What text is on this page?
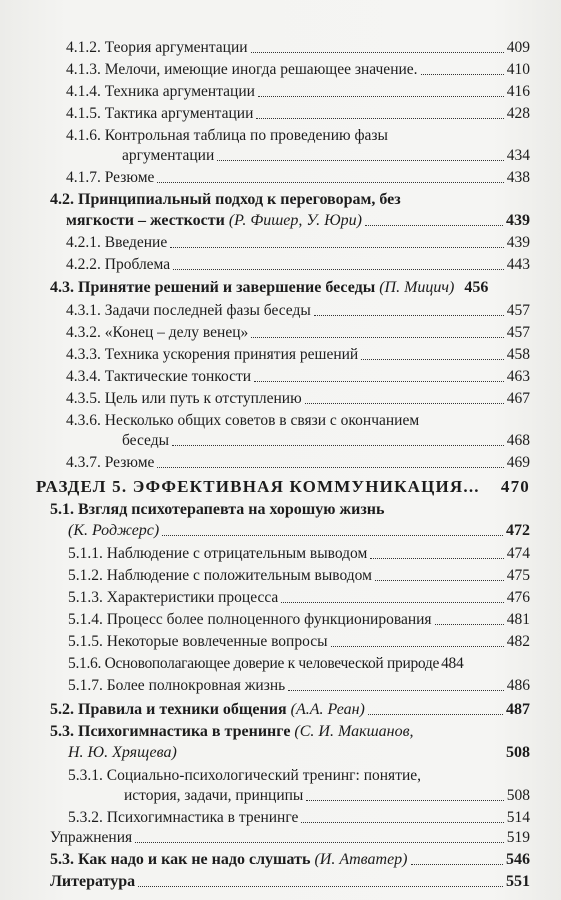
4.1.2. Теория аргументации	409
4.1.3. Мелочи, имеющие иногда решающее значение.	410
4.1.4. Техника аргументации	416
4.1.5. Тактика аргументации	428
4.1.6. Контрольная таблица по проведению фазы
аргументации	434
4.1.7. Резюме	438
4.2. Принципиальный подход к переговорам, без
мягкости – жесткости
(Р. Фишер, У. Юри)	439
4.2.1. Введение	439
4.2.2. Проблема	443
4.3. Принятие решений и завершение беседы
(П. Мицич) 456
4.3.1. Задачи последней фазы беседы	457
4.3.2. «Конец – делу венец»	457
4.3.3. Техника ускорения принятия решений	458
4.3.4. Тактические тонкости	463
4.3.5. Цель или путь к отступлению	467
4.3.6. Несколько общих советов в связи с окончанием
беседы	468
4.3.7. Резюме	469
РАЗДЕЛ 5. ЭФФЕКТИВНАЯ КОММУНИКАЦИЯ... 470
5.1. Взгляд психотерапевта на хорошую жизнь
(К. Роджерс)	472
5.1.1. Наблюдение с отрицательным выводом	474
5.1.2. Наблюдение с положительным выводом	475
5.1.3. Характеристики процесса	476
5.1.4. Процесс более полноценного функционирования	481
5.1.5. Некоторые вовлеченные вопросы	482
5.1.6. Основополагающее доверие к человеческой природе 484
5.1.7. Более полнокровная жизнь	486
5.2. Правила и техники общения
(А.А. Реан)	487
5.3. Психогимнастика в тренинге (С. И. Макшанов,
Н. Ю. Хрящева)	508
5.3.1. Социально-психологический тренинг: понятие,
история, задачи, принципы	508
5.3.2. Психогимнастика в тренинге	514
Упражнения	519
5.3. Как надо и как не надо слушать
(И. Атватер)	546
Литература	551
